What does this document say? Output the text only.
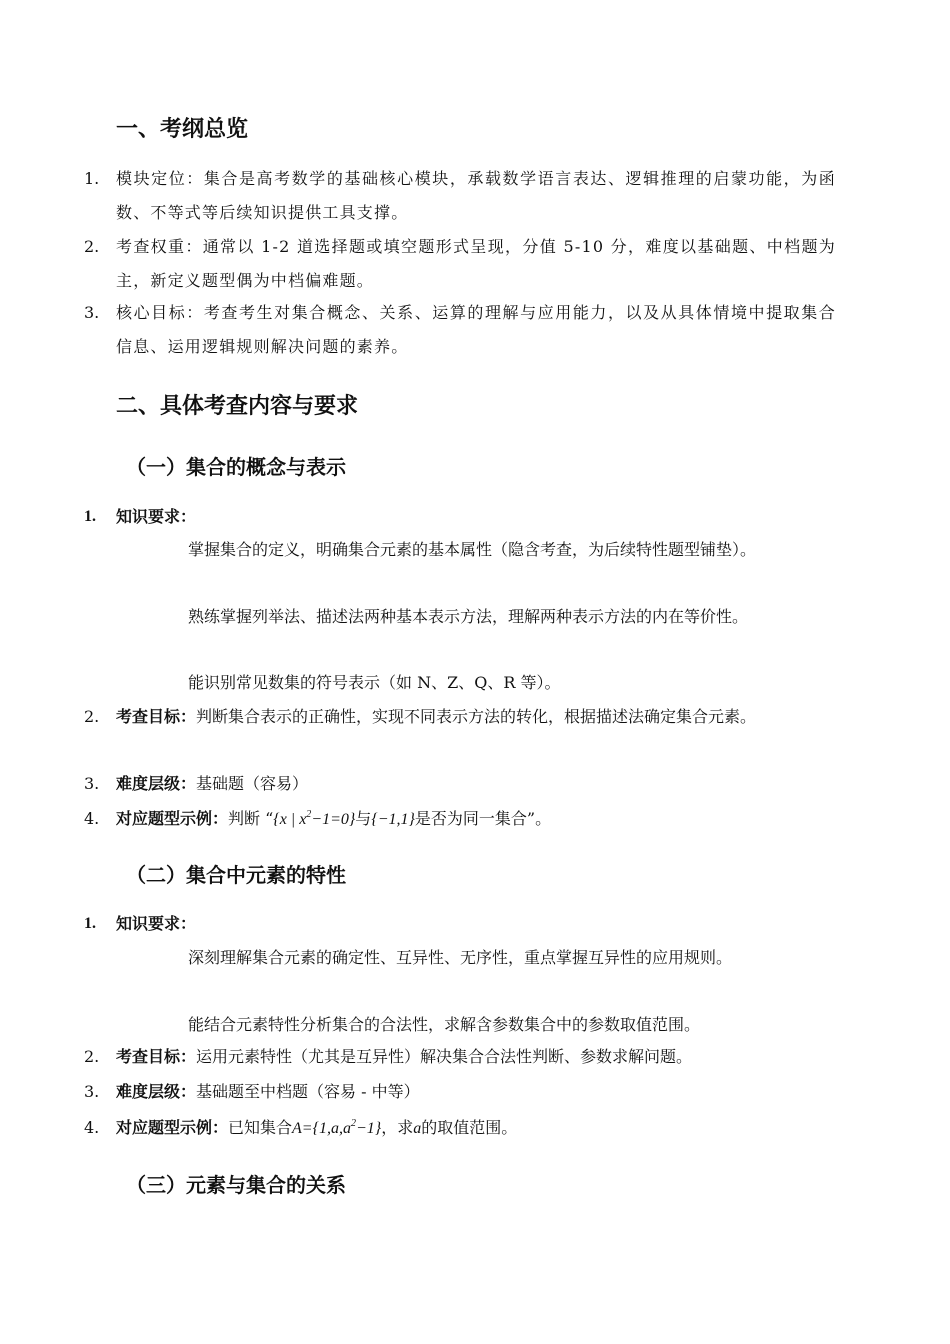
一、考纲总览
1.	模块定位：集合是高考数学的基础核心模块，承载数学语言表达、逻辑推理的启蒙功能，为函数、不等式等后续知识提供工具支撑。
2.	考查权重：通常以 1-2 道选择题或填空题形式呈现，分值 5-10 分，难度以基础题、中档题为主，新定义题型偶为中档偏难题。
3.	核心目标：考查考生对集合概念、关系、运算的理解与应用能力，以及从具体情境中提取集合信息、运用逻辑规则解决问题的素养。
二、具体考查内容与要求
（一）集合的概念与表示
1.	知识要求：
掌握集合的定义，明确集合元素的基本属性（隐含考查，为后续特性题型铺垫）。
熟练掌握列举法、描述法两种基本表示方法，理解两种表示方法的内在等价性。
能识别常见数集的符号表示（如 N、Z、Q、R 等）。
2.	考查目标：判断集合表示的正确性，实现不同表示方法的转化，根据描述法确定集合元素。
3.	难度层级：基础题（容易）
4.	对应题型示例：判断 “{x | $x^2-1=0$}与{−1,1}是否为同一集合”。
（二）集合中元素的特性
1.	知识要求：
深刻理解集合元素的确定性、互异性、无序性，重点掌握互异性的应用规则。
能结合元素特性分析集合的合法性，求解含参数集合中的参数取值范围。
2.	考查目标：运用元素特性（尤其是互异性）解决集合合法性判断、参数求解问题。
3.	难度层级：基础题至中档题（容易 - 中等）
4.	对应题型示例：已知集合$A=\{1,a,a^2-1\}$，求a的取值范围。
（三）元素与集合的关系
